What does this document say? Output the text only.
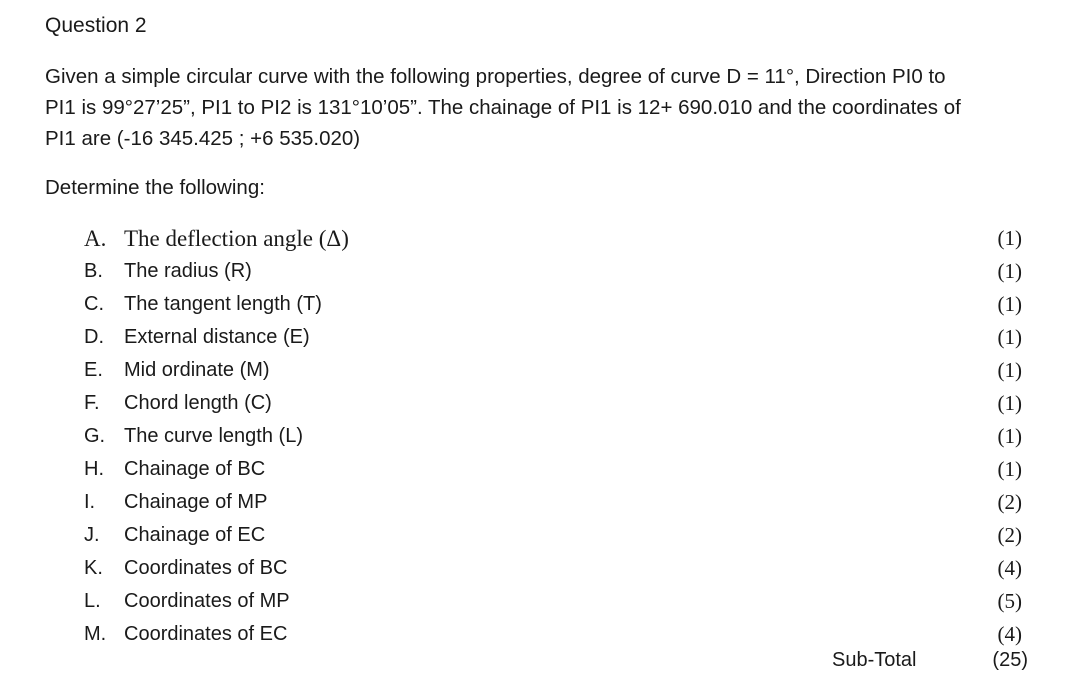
Question 2
Given a simple circular curve with the following properties, degree of curve D = 11°, Direction PI0 to
PI1 is 99°27’25”, PI1 to PI2 is 131°10’05”. The chainage of PI1 is 12+ 690.010 and the coordinates of
PI1 are (-16 345.425 ; +6 535.020)
Determine the following:
A. The deflection angle (Δ)	(1)
B.	The radius (R)	(1)
C.	The tangent length (T)	(1)
D.	External distance (E)	(1)
E.	Mid ordinate (M)	(1)
F.	Chord length (C)	(1)
G. The curve length (L)	(1)
H.	Chainage of BC	(1)
I.	Chainage of MP	(2)
J.	Chainage of EC	(2)
K.	Coordinates of BC	(4)
L.	Coordinates of MP	(5)
M. Coordinates of EC	(4)
Sub-Total	(25)
